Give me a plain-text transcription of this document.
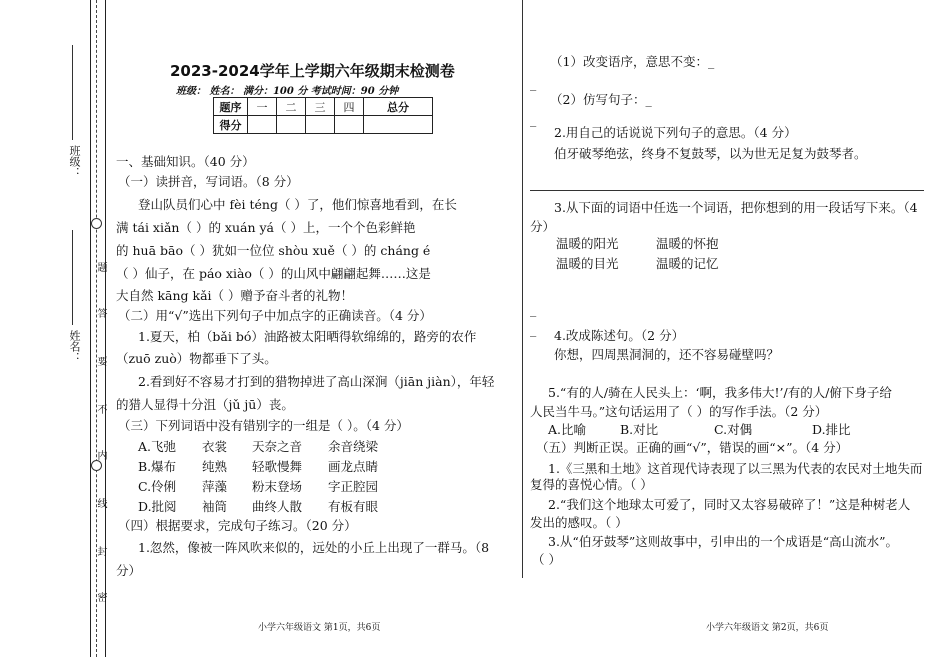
题
答
要
不
内
线
封
密
班级：
姓名：
2023-2024学年上学期六年级期末检测卷
班级： 姓名： 满分：100 分 考试时间：90 分钟
题序	一	二	三	四	总分
得分					
一、基础知识。（40 分）
（一）读拼音，写词语。（8 分）
登山队员们心中 fèi téng（ ）了，他们惊喜地看到，在长
满 tái xiǎn（ ）的 xuán yá（ ）上，一个个色彩鲜艳
的 huā bāo（ ）犹如一位位 shòu xuě（ ）的 cháng é
（ ）仙子，在 páo xiào（ ）的山风中翩翩起舞……这是
大自然 kāng kǎi（ ）赠予奋斗者的礼物！
（二）用“√”选出下列句子中加点字的正确读音。（4 分）
1.夏天，柏（bǎi bó）油路被太阳晒得软绵绵的，路旁的农作
（zuō zuò）物都垂下了头。
2.看到好不容易才打到的猎物掉进了高山深涧（jiān jiàn），年轻
的猎人显得十分沮（jǔ jū）丧。
（三）下列词语中没有错别字的一组是（ ）。（4 分）
A.飞弛 衣裳 天奈之音 余音绕梁
B.爆布 纯熟 轻歌慢舞 画龙点睛
C.伶俐 萍藻 粉末登场 字正腔园
D.批阅 袖筒 曲终人散 有板有眼
（四）根据要求，完成句子练习。（20 分）
1.忽然，像被一阵风吹来似的，远处的小丘上出现了一群马。（8
分）
小学六年级语文 第1页，共6页
（1）改变语序，意思不变：_
_
（2）仿写句子：_
_
2.用自己的话说说下列句子的意思。（4 分）
伯牙破琴绝弦，终身不复鼓琴，以为世无足复为鼓琴者。
3.从下面的词语中任选一个词语，把你想到的用一段话写下来。（4
分）
温暖的阳光	温暖的怀抱
温暖的目光	温暖的记忆
_
_ 4.改成陈述句。（2 分）
你想，四周黑洞洞的，还不容易碰壁吗？
5.“有的人/骑在人民头上：‘啊，我多伟大!’/有的人/俯下身子给
人民当牛马。”这句话运用了（ ）的写作手法。（2 分）
A.比喻	B.对比	C.对偶	D.排比
（五）判断正误。正确的画“√”，错误的画“×”。（4 分）
1.《三黑和土地》这首现代诗表现了以三黑为代表的农民对土地失而
复得的喜悦心情。（ ）
2.“我们这个地球太可爱了，同时又太容易破碎了！”这是种树老人
发出的感叹。（ ）
3.从“伯牙鼓琴”这则故事中，引申出的一个成语是“高山流水”。
（ ）
小学六年级语文 第2页，共6页
